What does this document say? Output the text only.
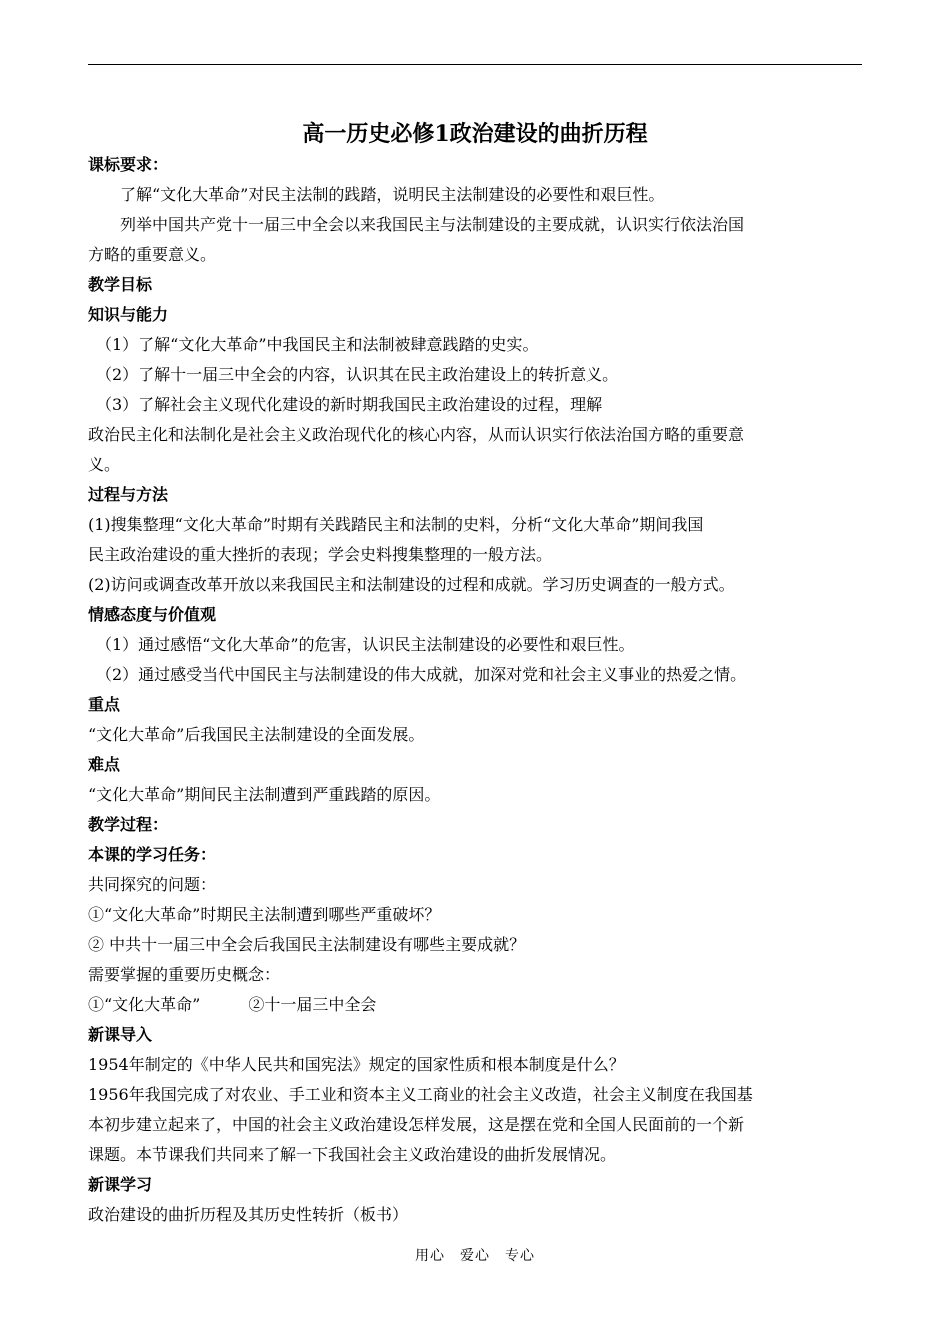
高一历史必修1政治建设的曲折历程
课标要求：
　　了解“文化大革命”对民主法制的践踏，说明民主法制建设的必要性和艰巨性。
　　列举中国共产党十一届三中全会以来我国民主与法制建设的主要成就，认识实行依法治国
方略的重要意义。
教学目标
知识与能力
　（1）了解“文化大革命”中我国民主和法制被肆意践踏的史实。
　（2）了解十一届三中全会的内容，认识其在民主政治建设上的转折意义。
　（3）了解社会主义现代化建设的新时期我国民主政治建设的过程，理解
政治民主化和法制化是社会主义政治现代化的核心内容，从而认识实行依法治国方略的重要意
义。
过程与方法
(1)搜集整理“文化大革命”时期有关践踏民主和法制的史料，分析“文化大革命”期间我国
民主政治建设的重大挫折的表现；学会史料搜集整理的一般方法。
(2)访问或调查改革开放以来我国民主和法制建设的过程和成就。学习历史调查的一般方式。
情感态度与价值观
　（1）通过感悟“文化大革命”的危害，认识民主法制建设的必要性和艰巨性。
　（2）通过感受当代中国民主与法制建设的伟大成就，加深对党和社会主义事业的热爱之情。
重点
“文化大革命”后我国民主法制建设的全面发展。
难点
“文化大革命”期间民主法制遭到严重践踏的原因。
教学过程：
本课的学习任务：
共同探究的问题：
①“文化大革命”时期民主法制遭到哪些严重破坏？
② 中共十一届三中全会后我国民主法制建设有哪些主要成就？
需要掌握的重要历史概念：
①“文化大革命”　　　②十一届三中全会
新课导入
1954年制定的《中华人民共和国宪法》规定的国家性质和根本制度是什么？
1956年我国完成了对农业、手工业和资本主义工商业的社会主义改造，社会主义制度在我国基
本初步建立起来了，中国的社会主义政治建设怎样发展，这是摆在党和全国人民面前的一个新
课题。本节课我们共同来了解一下我国社会主义政治建设的曲折发展情况。
新课学习
政治建设的曲折历程及其历史性转折（板书）
用心　爱心　专心
